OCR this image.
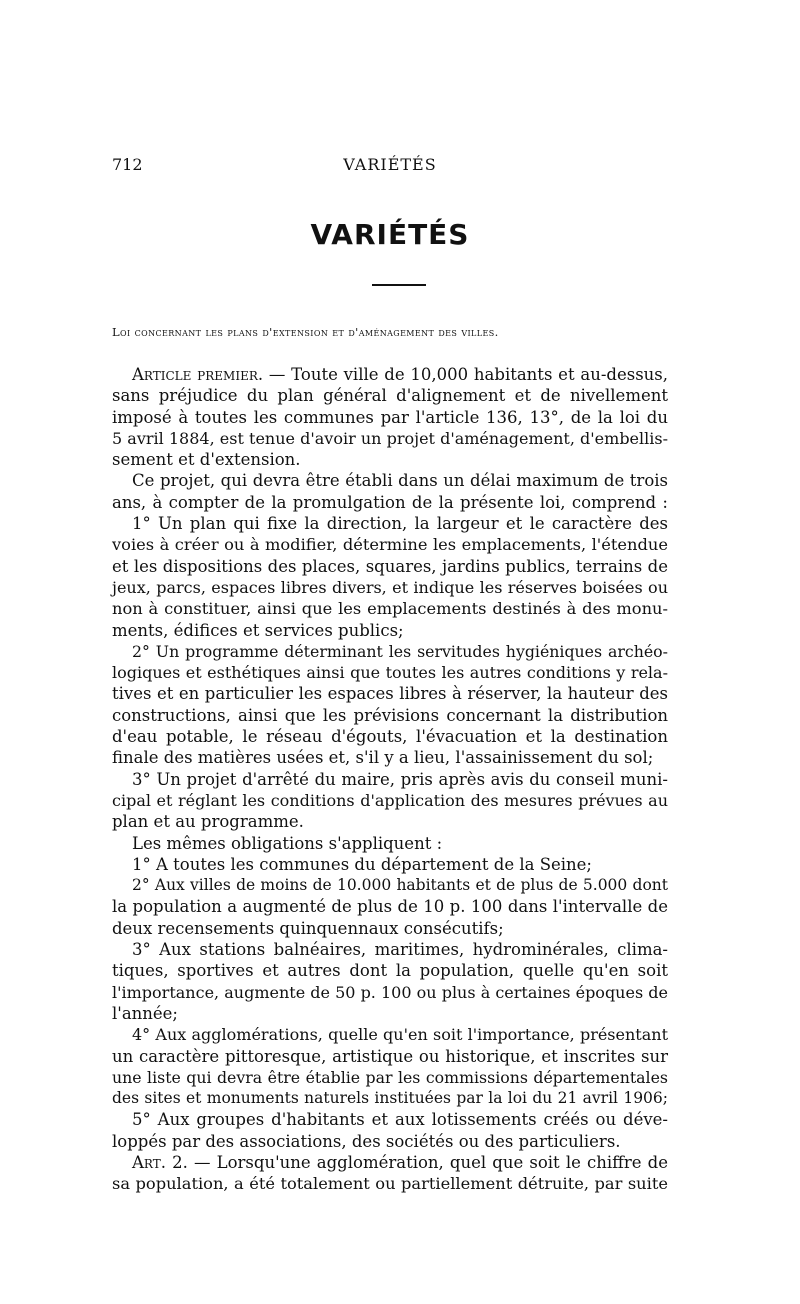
712	VARIÉTÉS
VARIÉTÉS
Loi concernant les plans d'extension et d'aménagement des villes.
Article premier. — Toute ville de 10,000 habitants et au-dessus,
sans préjudice du plan général d'alignement et de nivellement
imposé à toutes les communes par l'article 136, 13°, de la loi du
5 avril 1884, est tenue d'avoir un projet d'aménagement, d'embellis-
sement et d'extension.
Ce projet, qui devra être établi dans un délai maximum de trois
ans, à compter de la promulgation de la présente loi, comprend :
1° Un plan qui fixe la direction, la largeur et le caractère des
voies à créer ou à modifier, détermine les emplacements, l'étendue
et les dispositions des places, squares, jardins publics, terrains de
jeux, parcs, espaces libres divers, et indique les réserves boisées ou
non à constituer, ainsi que les emplacements destinés à des monu-
ments, édifices et services publics;
2° Un programme déterminant les servitudes hygiéniques archéo-
logiques et esthétiques ainsi que toutes les autres conditions y rela-
tives et en particulier les espaces libres à réserver, la hauteur des
constructions, ainsi que les prévisions concernant la distribution
d'eau potable, le réseau d'égouts, l'évacuation et la destination
finale des matières usées et, s'il y a lieu, l'assainissement du sol;
3° Un projet d'arrêté du maire, pris après avis du conseil muni-
cipal et réglant les conditions d'application des mesures prévues au
plan et au programme.
Les mêmes obligations s'appliquent :
1° A toutes les communes du département de la Seine;
2° Aux villes de moins de 10.000 habitants et de plus de 5.000 dont
la population a augmenté de plus de 10 p. 100 dans l'intervalle de
deux recensements quinquennaux consécutifs;
3° Aux stations balnéaires, maritimes, hydrominérales, clima-
tiques, sportives et autres dont la population, quelle qu'en soit
l'importance, augmente de 50 p. 100 ou plus à certaines époques de
l'année;
4° Aux agglomérations, quelle qu'en soit l'importance, présentant
un caractère pittoresque, artistique ou historique, et inscrites sur
une liste qui devra être établie par les commissions départementales
des sites et monuments naturels instituées par la loi du 21 avril 1906;
5° Aux groupes d'habitants et aux lotissements créés ou déve-
loppés par des associations, des sociétés ou des particuliers.
Art. 2. — Lorsqu'une agglomération, quel que soit le chiffre de
sa population, a été totalement ou partiellement détruite, par suite
